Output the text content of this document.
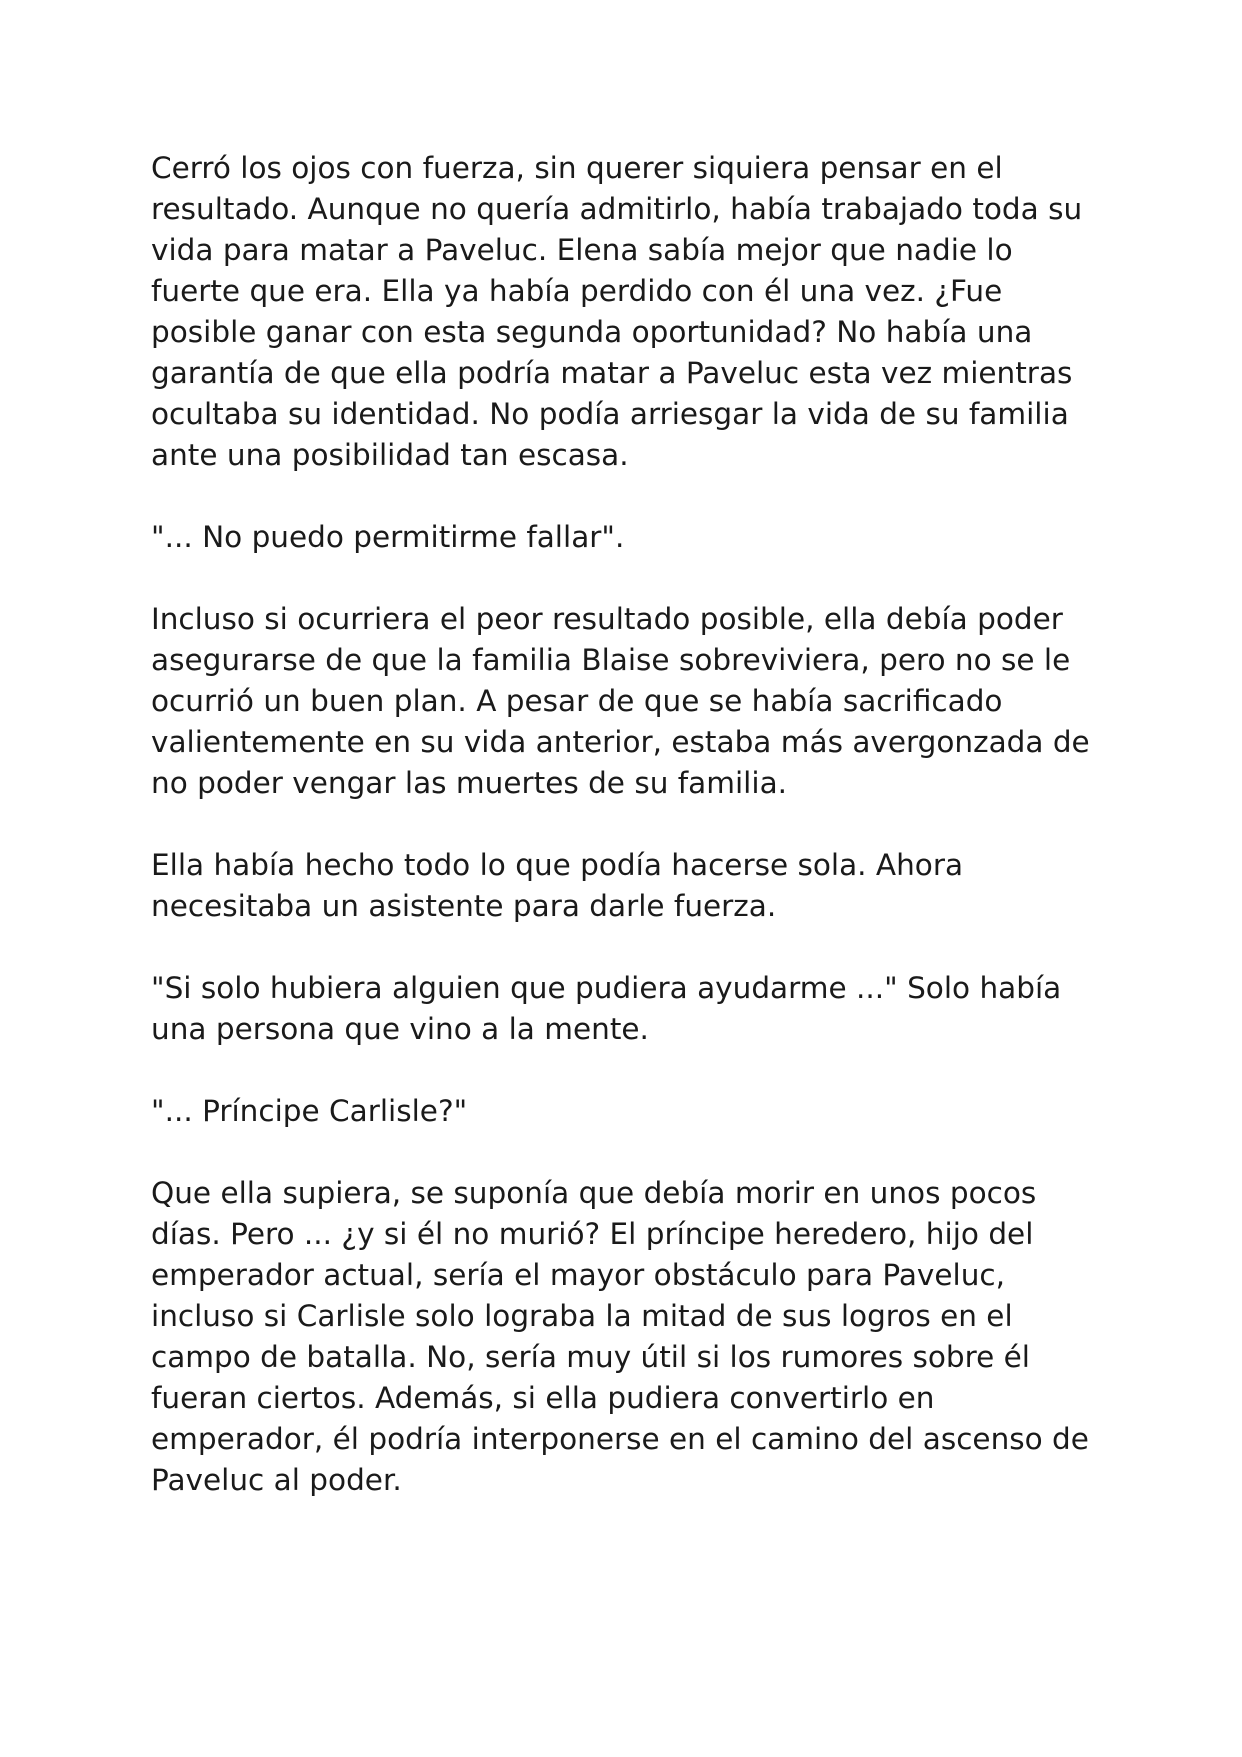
Cerró los ojos con fuerza, sin querer siquiera pensar en el
resultado. Aunque no quería admitirlo, había trabajado toda su
vida para matar a Paveluc. Elena sabía mejor que nadie lo
fuerte que era. Ella ya había perdido con él una vez. ¿Fue
posible ganar con esta segunda oportunidad? No había una
garantía de que ella podría matar a Paveluc esta vez mientras
ocultaba su identidad. No podía arriesgar la vida de su familia
ante una posibilidad tan escasa.

"... No puedo permitirme fallar".

Incluso si ocurriera el peor resultado posible, ella debía poder
asegurarse de que la familia Blaise sobreviviera, pero no se le
ocurrió un buen plan. A pesar de que se había sacrificado
valientemente en su vida anterior, estaba más avergonzada de
no poder vengar las muertes de su familia.

Ella había hecho todo lo que podía hacerse sola. Ahora
necesitaba un asistente para darle fuerza.

"Si solo hubiera alguien que pudiera ayudarme ..." Solo había
una persona que vino a la mente.

"... Príncipe Carlisle?"

Que ella supiera, se suponía que debía morir en unos pocos
días. Pero ... ¿y si él no murió? El príncipe heredero, hijo del
emperador actual, sería el mayor obstáculo para Paveluc,
incluso si Carlisle solo lograba la mitad de sus logros en el
campo de batalla. No, sería muy útil si los rumores sobre él
fueran ciertos. Además, si ella pudiera convertirlo en
emperador, él podría interponerse en el camino del ascenso de
Paveluc al poder.
